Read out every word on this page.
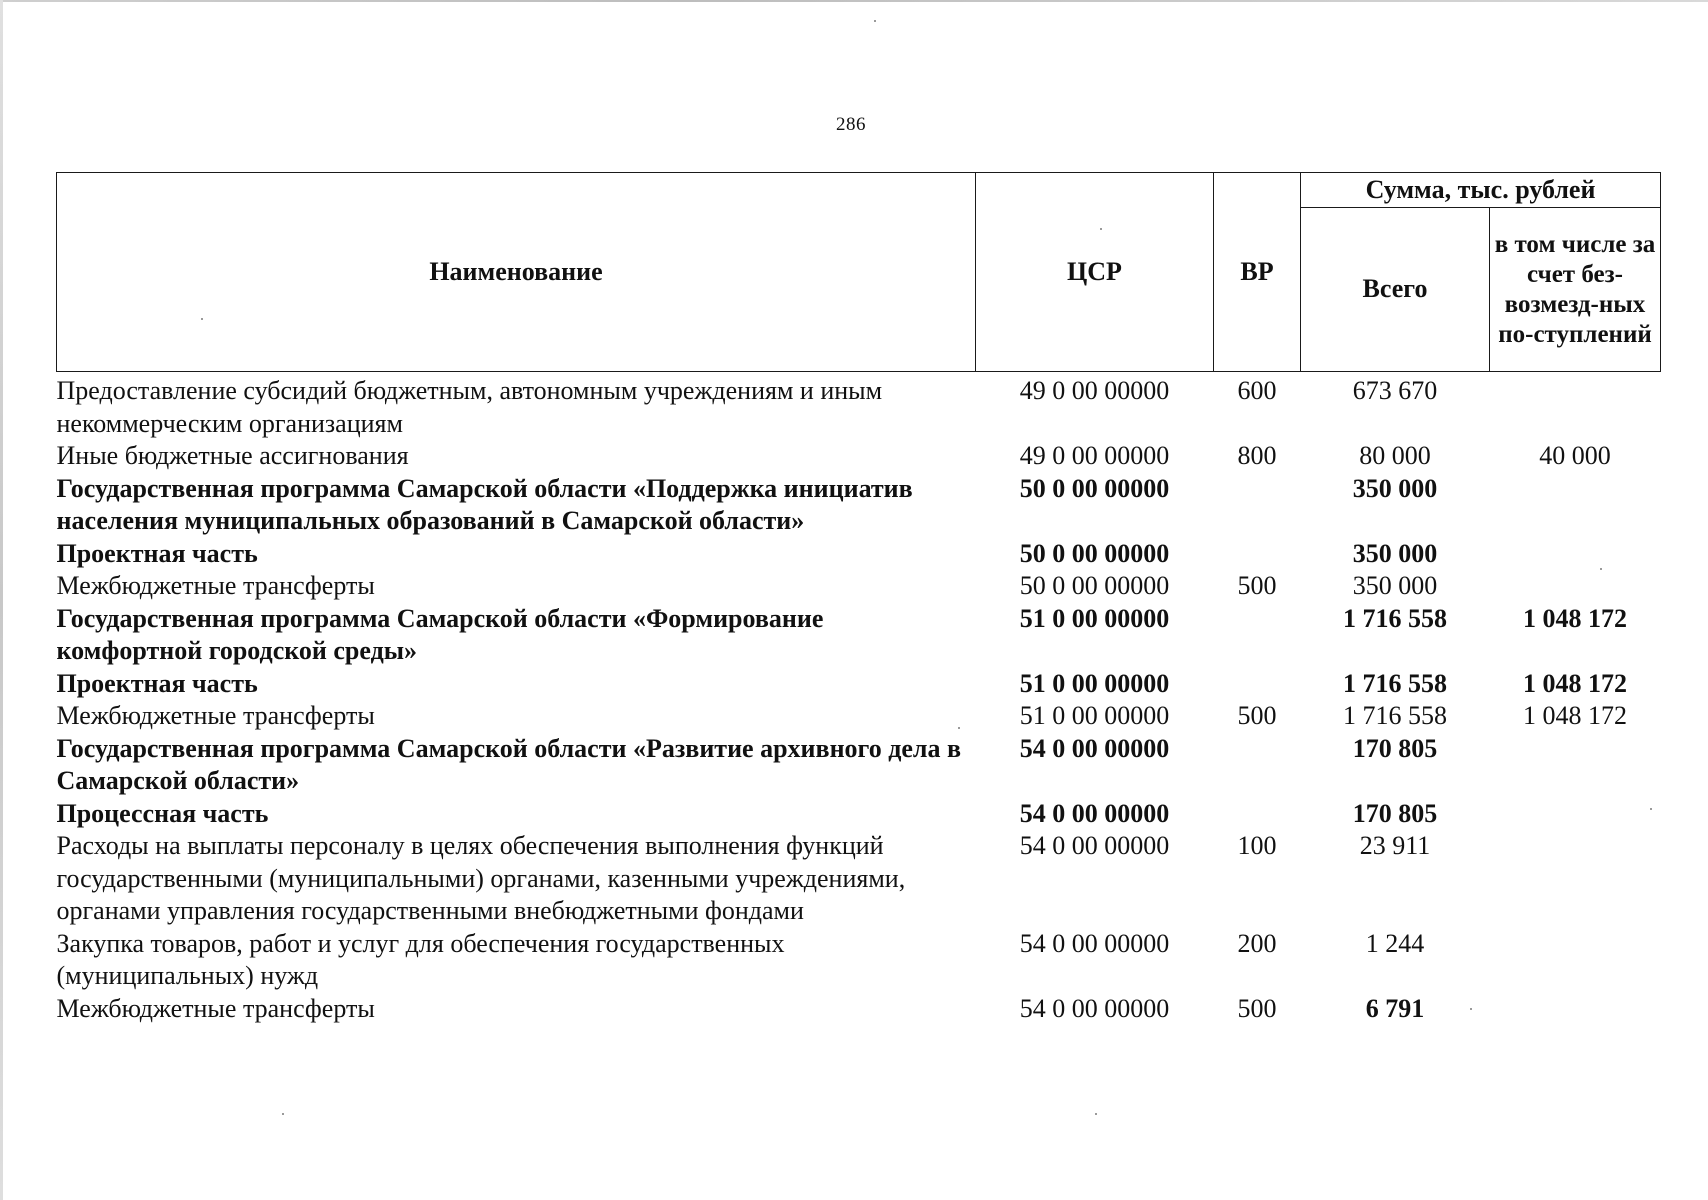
286
Наименование	ЦСР	ВР	Сумма, тыс. рублей	
			Всего	в том числе за счет без-возмезд-ных по-ступлений
Предоставление субсидий бюджетным, автономным учреждениям и иным некоммерческим организациям	49 0 00 00000	600	673 670	
Иные бюджетные ассигнования	49 0 00 00000	800	80 000	40 000
Государственная программа Самарской области «Поддержка инициатив населения муниципальных образований в Самарской области»	50 0 00 00000		350 000	
Проектная часть	50 0 00 00000		350 000	
Межбюджетные трансферты	50 0 00 00000	500	350 000	
Государственная программа Самарской области «Формирование комфортной городской среды»	51 0 00 00000		1 716 558	1 048 172
Проектная часть	51 0 00 00000		1 716 558	1 048 172
Межбюджетные трансферты	51 0 00 00000	500	1 716 558	1 048 172
Государственная программа Самарской области «Развитие архивного дела в Самарской области»	54 0 00 00000		170 805	
Процессная часть	54 0 00 00000		170 805	
Расходы на выплаты персоналу в целях обеспечения выполнения функций государственными (муниципальными) органами, казенными учреждениями, органами управления государственными внебюджетными фондами	54 0 00 00000	100	23 911	
Закупка товаров, работ и услуг для обеспечения государственных (муниципальных) нужд	54 0 00 00000	200	1 244	
Межбюджетные трансферты	54 0 00 00000	500	6 791	
